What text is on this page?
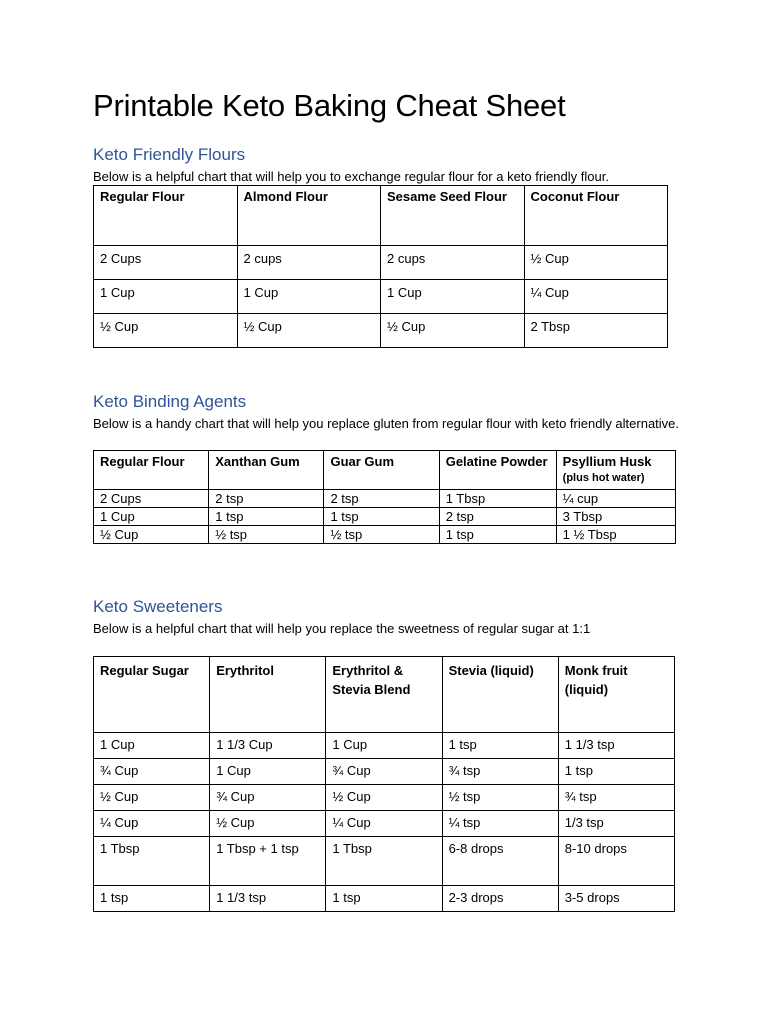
Printable Keto Baking Cheat Sheet
Keto Friendly Flours

Below is a helpful chart that will help you to exchange regular flour for a keto friendly flour.

Regular Flour	Almond Flour	Sesame Seed Flour	Coconut Flour
2 Cups	2 cups	2 cups	½ Cup
1 Cup	1 Cup	1 Cup	¼ Cup
½ Cup	½ Cup	½ Cup	2 Tbsp
Keto Binding Agents

Below is a handy chart that will help you replace gluten from regular flour with keto friendly alternative.

Regular Flour	Xanthan Gum	Guar Gum	Gelatine Powder	Psyllium Husk
(plus hot water)

2 Cups	2 tsp	2 tsp	1 Tbsp	¼ cup
1 Cup	1 tsp	1 tsp	2 tsp	3 Tbsp
½ Cup	½ tsp	½ tsp	1 tsp	1 ½ Tbsp
Keto Sweeteners

Below is a helpful chart that will help you replace the sweetness of regular sugar at 1:1

Regular Sugar	Erythritol	Erythritol & Stevia Blend	Stevia (liquid)	Monk fruit (liquid)
1 Cup	1 1/3 Cup	1 Cup	1 tsp	1 1/3 tsp
¾ Cup	1 Cup	¾ Cup	¾ tsp	1 tsp
½ Cup	¾ Cup	½ Cup	½ tsp	¾ tsp
¼ Cup	½ Cup	¼ Cup	¼ tsp	1/3 tsp
1 Tbsp	1 Tbsp + 1 tsp	1 Tbsp	6-8 drops	8-10 drops
1 tsp	1 1/3 tsp	1 tsp	2-3 drops	3-5 drops
